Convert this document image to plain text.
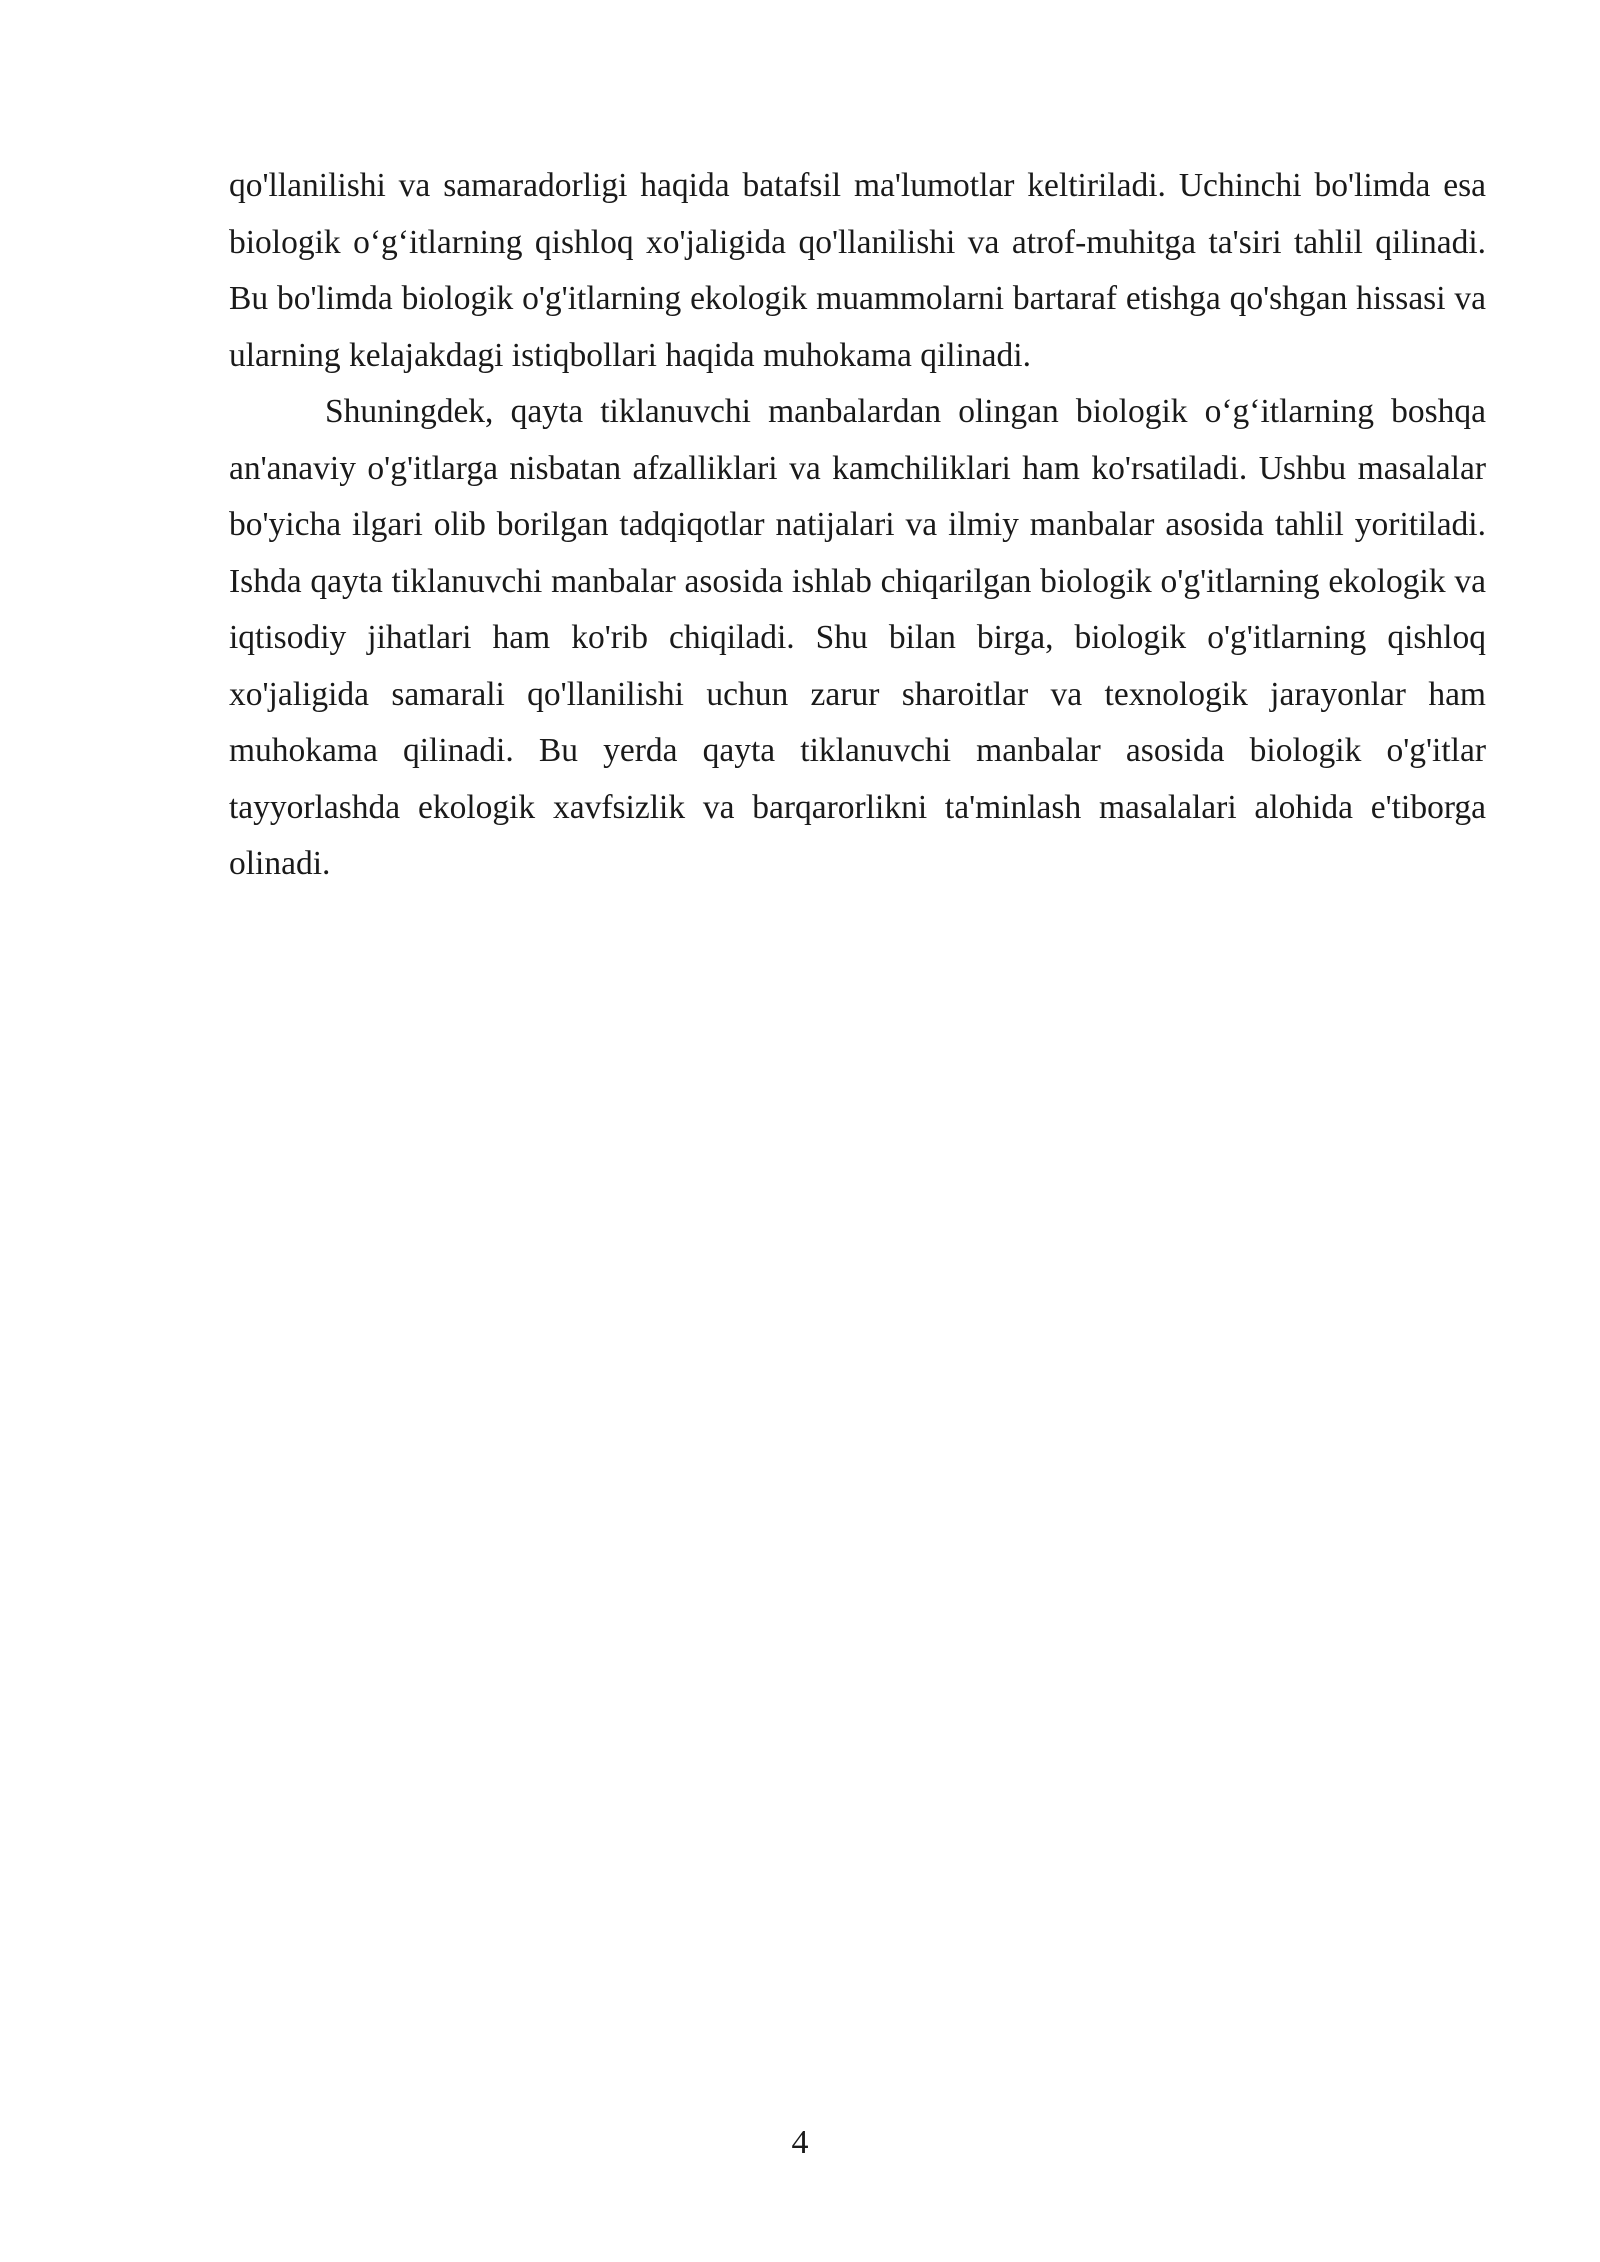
qo'llanilishi va samaradorligi haqida batafsil ma'lumotlar keltiriladi. Uchinchi bo'limda esa biologik o‘g‘itlarning qishloq xo'jaligida qo'llanilishi va atrof-muhitga ta'siri tahlil qilinadi. Bu bo'limda biologik o'g'itlarning ekologik muammolarni bartaraf etishga qo'shgan hissasi va ularning kelajakdagi istiqbollari haqida muhokama qilinadi.

Shuningdek, qayta tiklanuvchi manbalardan olingan biologik o‘g‘itlarning boshqa an'anaviy o'g'itlarga nisbatan afzalliklari va kamchiliklari ham ko'rsatiladi. Ushbu masalalar bo'yicha ilgari olib borilgan tadqiqotlar natijalari va ilmiy manbalar asosida tahlil yoritiladi. Ishda qayta tiklanuvchi manbalar asosida ishlab chiqarilgan biologik o'g'itlarning ekologik va iqtisodiy jihatlari ham ko'rib chiqiladi. Shu bilan birga, biologik o'g'itlarning qishloq xo'jaligida samarali qo'llanilishi uchun zarur sharoitlar va texnologik jarayonlar ham muhokama qilinadi. Bu yerda qayta tiklanuvchi manbalar asosida biologik o'g'itlar tayyorlashda ekologik xavfsizlik va barqarorlikni ta'minlash masalalari alohida e'tiborga olinadi.

4
